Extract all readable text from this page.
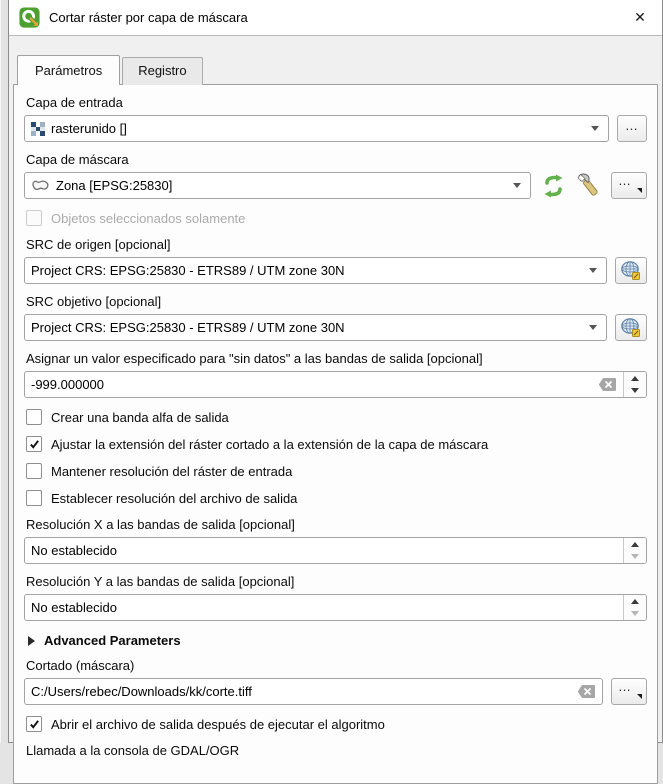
Cortar ráster por capa de máscara	✕
Parámetros	Registro
Capa de entrada
rasterunido []	…
Capa de máscara
Zona [EPSG:25830]	…
Objetos seleccionados solamente
SRC de origen [opcional]
Project CRS: EPSG:25830 - ETRS89 / UTM zone 30N
SRC objetivo [opcional]
Project CRS: EPSG:25830 - ETRS89 / UTM zone 30N
Asignar un valor especificado para "sin datos" a las bandas de salida [opcional]
-999.000000
Crear una banda alfa de salida
Ajustar la extensión del ráster cortado a la extensión de la capa de máscara
Mantener resolución del ráster de entrada
Establecer resolución del archivo de salida
Resolución X a las bandas de salida [opcional]
No establecido
Resolución Y a las bandas de salida [opcional]
No establecido
Advanced Parameters
Cortado (máscara)
C:/Users/rebec/Downloads/kk/corte.tiff	…
Abrir el archivo de salida después de ejecutar el algoritmo
Llamada a la consola de GDAL/OGR
